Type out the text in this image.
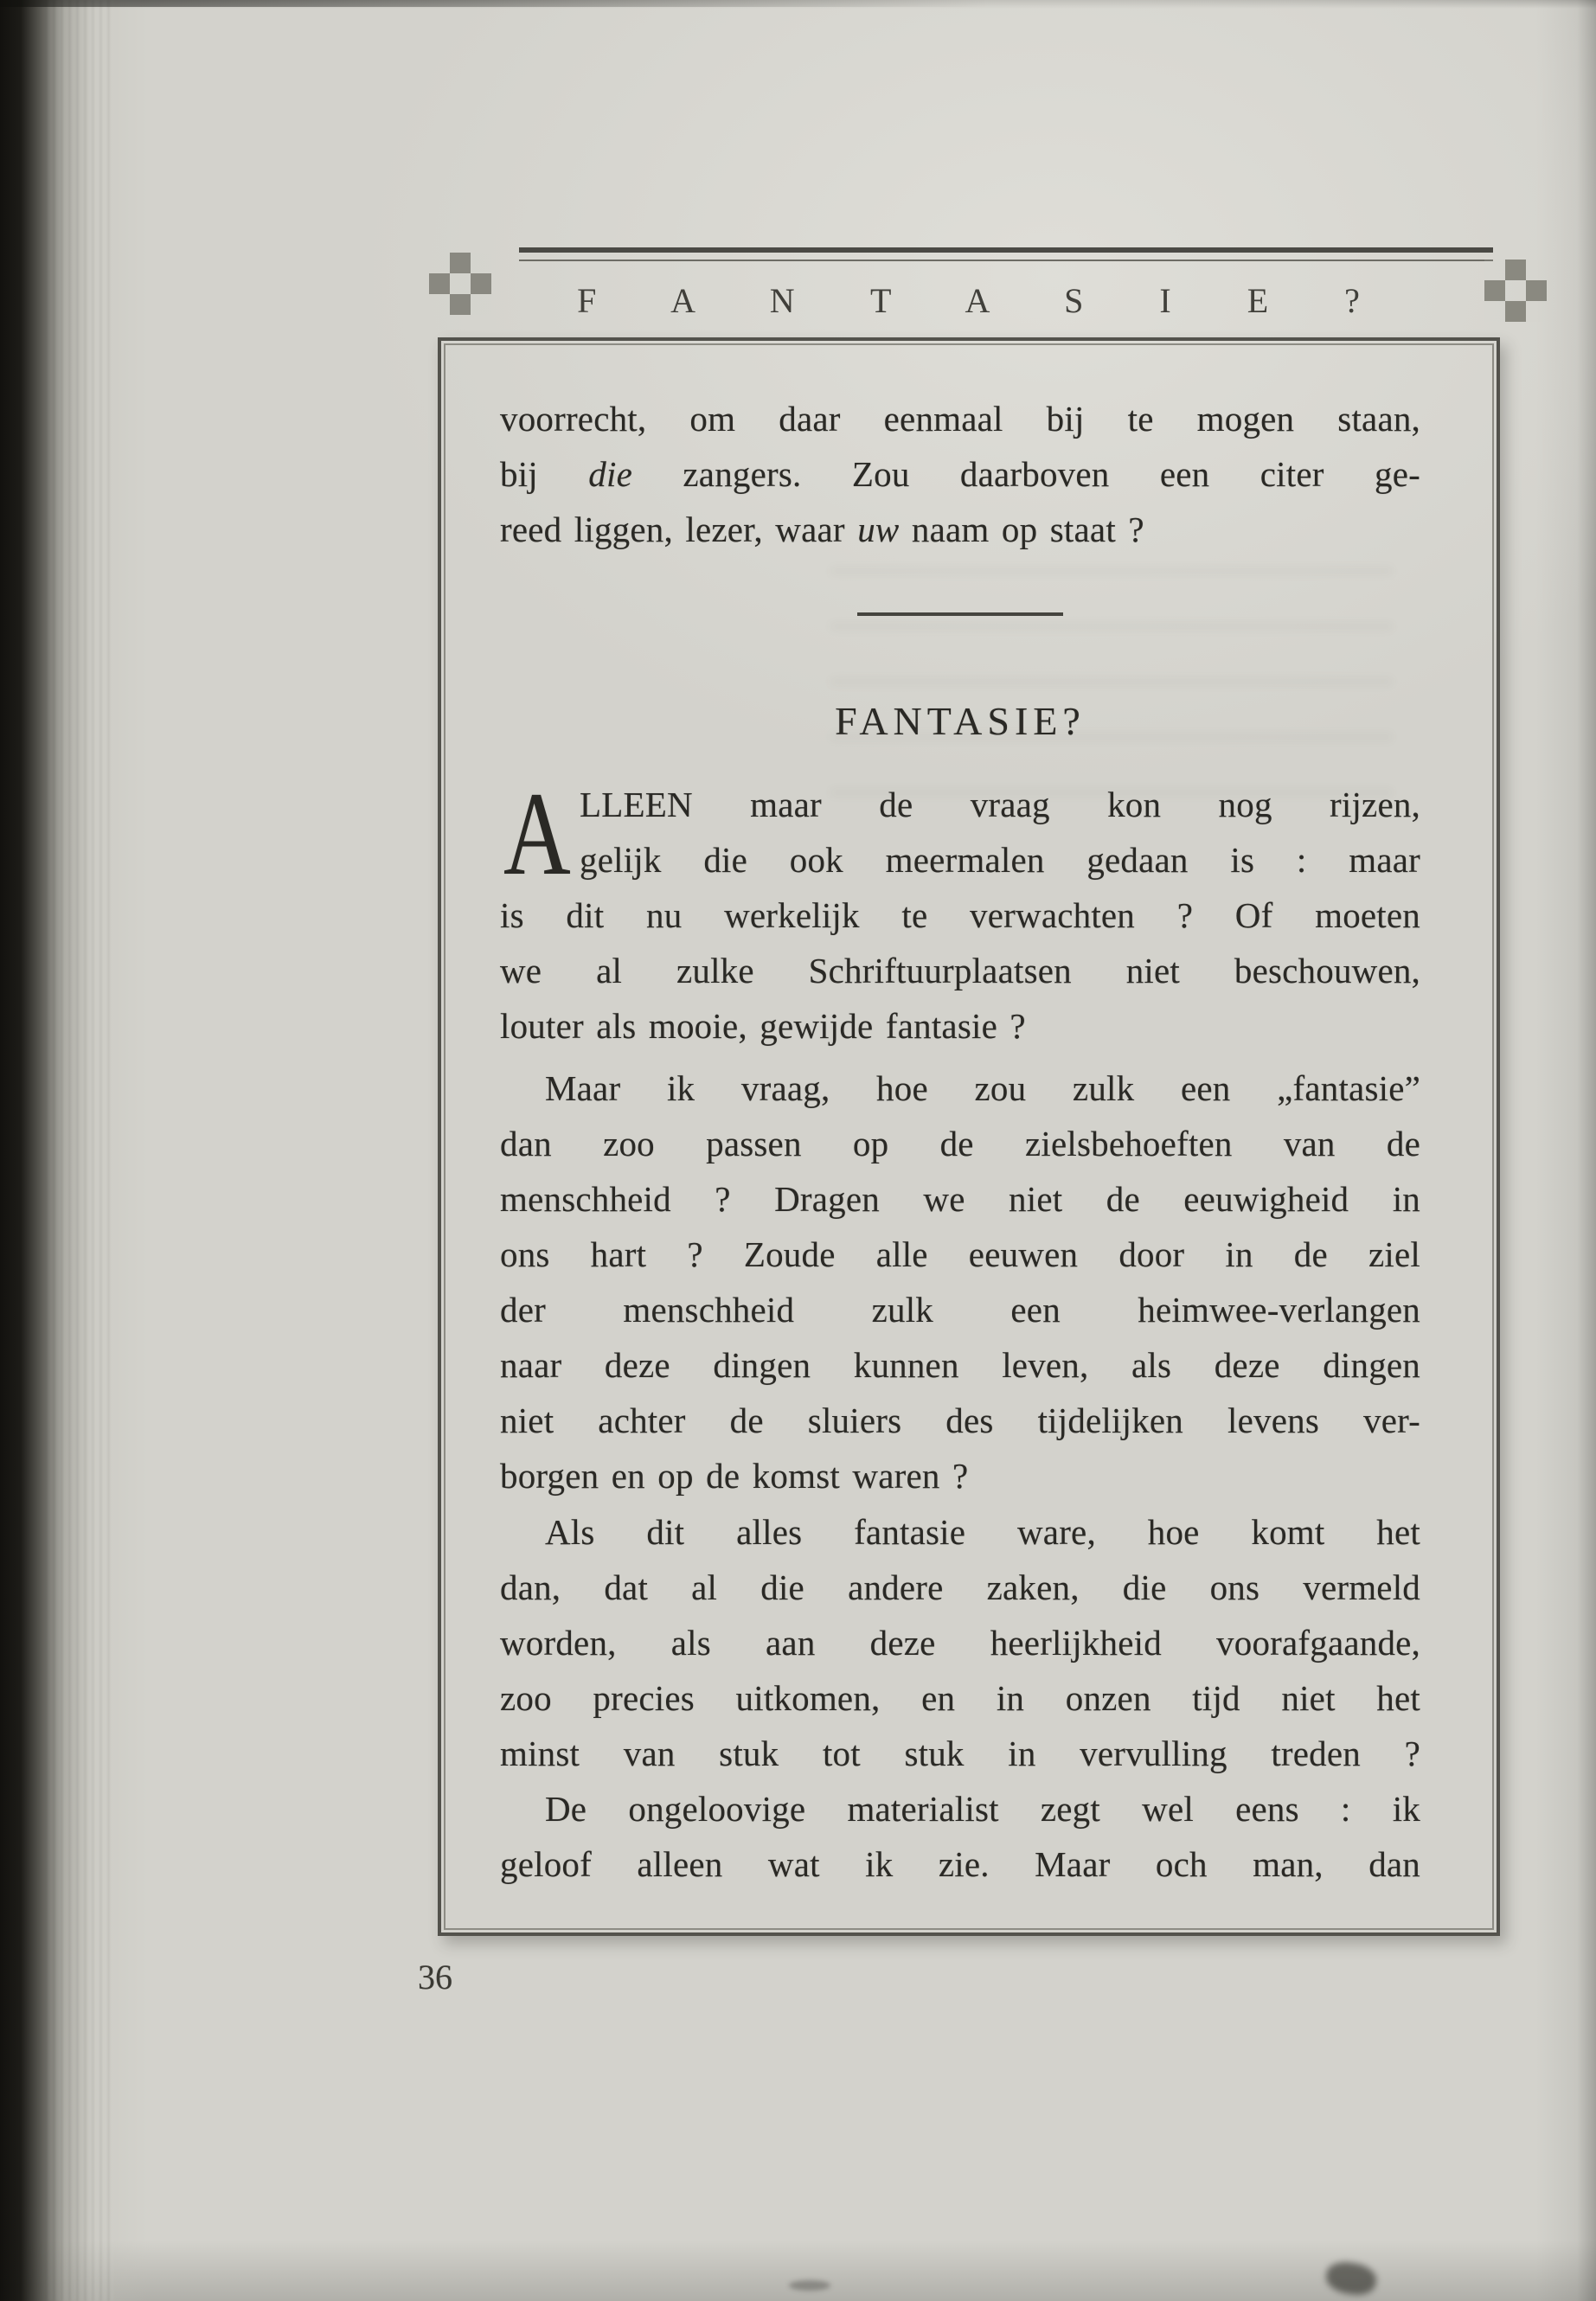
F A N T A S I E ?
voorrecht, om daar eenmaal bij te mogen staan,
bij die zangers. Zou daarboven een citer ge-
reed liggen, lezer, waar uw naam op staat ?
FANTASIE?
A LLEEN maar de vraag kon nog rijzen,
gelijk die ook meermalen gedaan is : maar
is dit nu werkelijk te verwachten ? Of moeten
we al zulke Schriftuurplaatsen niet beschouwen,
louter als mooie, gewijde fantasie ?
Maar ik vraag, hoe zou zulk een „fantasie”
dan zoo passen op de zielsbehoeften van de
menschheid ? Dragen we niet de eeuwigheid in
ons hart ? Zoude alle eeuwen door in de ziel
der menschheid zulk een heimwee-verlangen
naar deze dingen kunnen leven, als deze dingen
niet achter de sluiers des tijdelijken levens ver-
borgen en op de komst waren ?
Als dit alles fantasie ware, hoe komt het
dan, dat al die andere zaken, die ons vermeld
worden, als aan deze heerlijkheid voorafgaande,
zoo precies uitkomen, en in onzen tijd niet het
minst van stuk tot stuk in vervulling treden ?
De ongeloovige materialist zegt wel eens : ik
geloof alleen wat ik zie. Maar och man, dan
36
